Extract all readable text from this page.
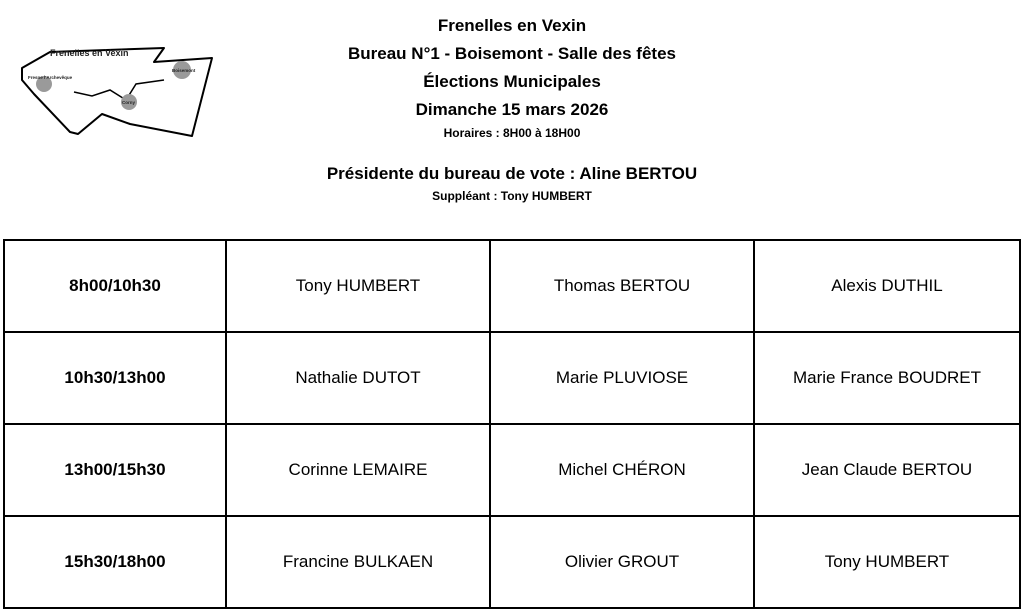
Frenelles en Vexin
Fresne l'Archevêque
Boisemont
Corny
Frenelles en Vexin
Bureau N°1 - Boisemont - Salle des fêtes
Élections Municipales
Dimanche 15 mars 2026
Horaires : 8H00 à 18H00
Présidente du bureau de vote : Aline BERTOU
Suppléant : Tony HUMBERT
8h00/10h30	Tony HUMBERT	Thomas BERTOU	Alexis DUTHIL
10h30/13h00	Nathalie DUTOT	Marie PLUVIOSE	Marie France BOUDRET
13h00/15h30	Corinne LEMAIRE	Michel CHÉRON	Jean Claude BERTOU
15h30/18h00	Francine BULKAEN	Olivier GROUT	Tony HUMBERT
